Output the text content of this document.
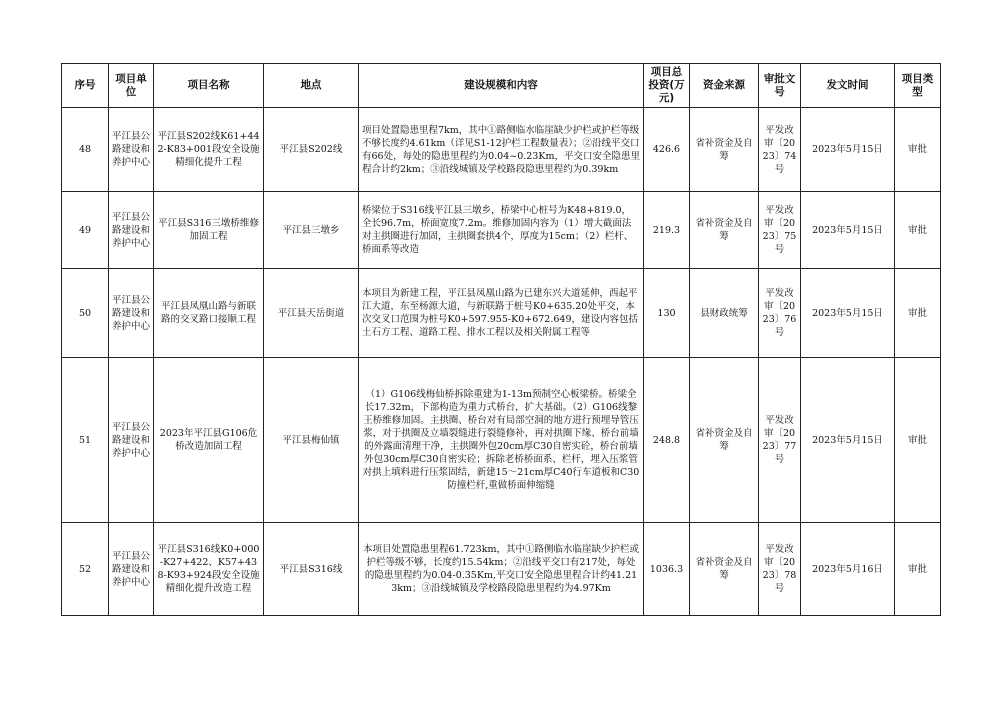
序号	项目单位	项目名称	地点	建设规模和内容	项目总投资(万元)	资金来源	审批文号	发文时间	项目类型
48	平江县公路建设和养护中心	平江县S202线K61+442-K83+001段安全设施精细化提升工程	平江县S202线	项目处置隐患里程7km，其中①路侧临水临崖缺少护栏或护栏等级不够长度约4.61km（详见S1-12护栏工程数量表）；②沿线平交口有66处，每处的隐患里程约为0.04~0.23Km，平交口安全隐患里程合计约2km；③沿线城镇及学校路段隐患里程约为0.39km	426.6	省补资金及自筹	平发改审〔2023〕74号	2023年5月15日	审批
49	平江县公路建设和养护中心	平江县S316三墩桥维修加固工程	平江县三墩乡	桥梁位于S316线平江县三墩乡，桥梁中心桩号为K48+819.0，全长96.7m，桥面宽度7.2m。维修加固内容为（1）增大截面法对主拱圈进行加固，主拱圈套拱4个，厚度为15cm；（2）栏杆、桥面系等改造	219.3	省补资金及自筹	平发改审〔2023〕75号	2023年5月15日	审批
50	平江县公路建设和养护中心	平江县凤凰山路与新联路的交叉路口接顺工程	平江县天岳街道	本项目为新建工程，平江县凤凰山路为已建东兴大道延伸，西起平江大道，东至杨源大道，与新联路于桩号K0+635.20处平交，本次交叉口范围为桩号K0+597.955-K0+672.649，建设内容包括土石方工程、道路工程、排水工程以及相关附属工程等	130	县财政统筹	平发改审〔2023〕76号	2023年5月15日	审批
51	平江县公路建设和养护中心	2023年平江县G106危桥改造加固工程	平江县梅仙镇	（1）G106线梅仙桥拆除重建为1-13m预制空心板梁桥。桥梁全长17.32m，下部构造为重力式桥台，扩大基础。（2）G106线黎王桥维修加固。主拱圈、桥台对有局部空洞的地方进行预埋导管压浆，对于拱圈及立墙裂缝进行裂缝修补，再对拱圈下缘、桥台前墙的外露面清理干净，主拱圈外包20cm厚C30自密实砼，桥台前墙外包30cm厚C30自密实砼；拆除老桥桥面系、栏杆，埋入压浆管对拱上填料进行压浆固结，新建15～21cm厚C40行车道板和C30防撞栏杆,重做桥面伸缩缝	248.8	省补资金及自筹	平发改审〔2023〕77号	2023年5月15日	审批
52	平江县公路建设和养护中心	平江县S316线K0+000-K27+422、K57+438-K93+924段安全设施精细化提升改造工程	平江县S316线	本项目处置隐患里程61.723km，其中①路侧临水临崖缺少护栏或护栏等级不够，长度约15.54km；②沿线平交口有217处，每处的隐患里程约为0.04-0.35Km,平交口安全隐患里程合计约41.213km；③沿线城镇及学校路段隐患里程约为4.97Km	1036.3	省补资金及自筹	平发改审〔2023〕78号	2023年5月16日	审批
